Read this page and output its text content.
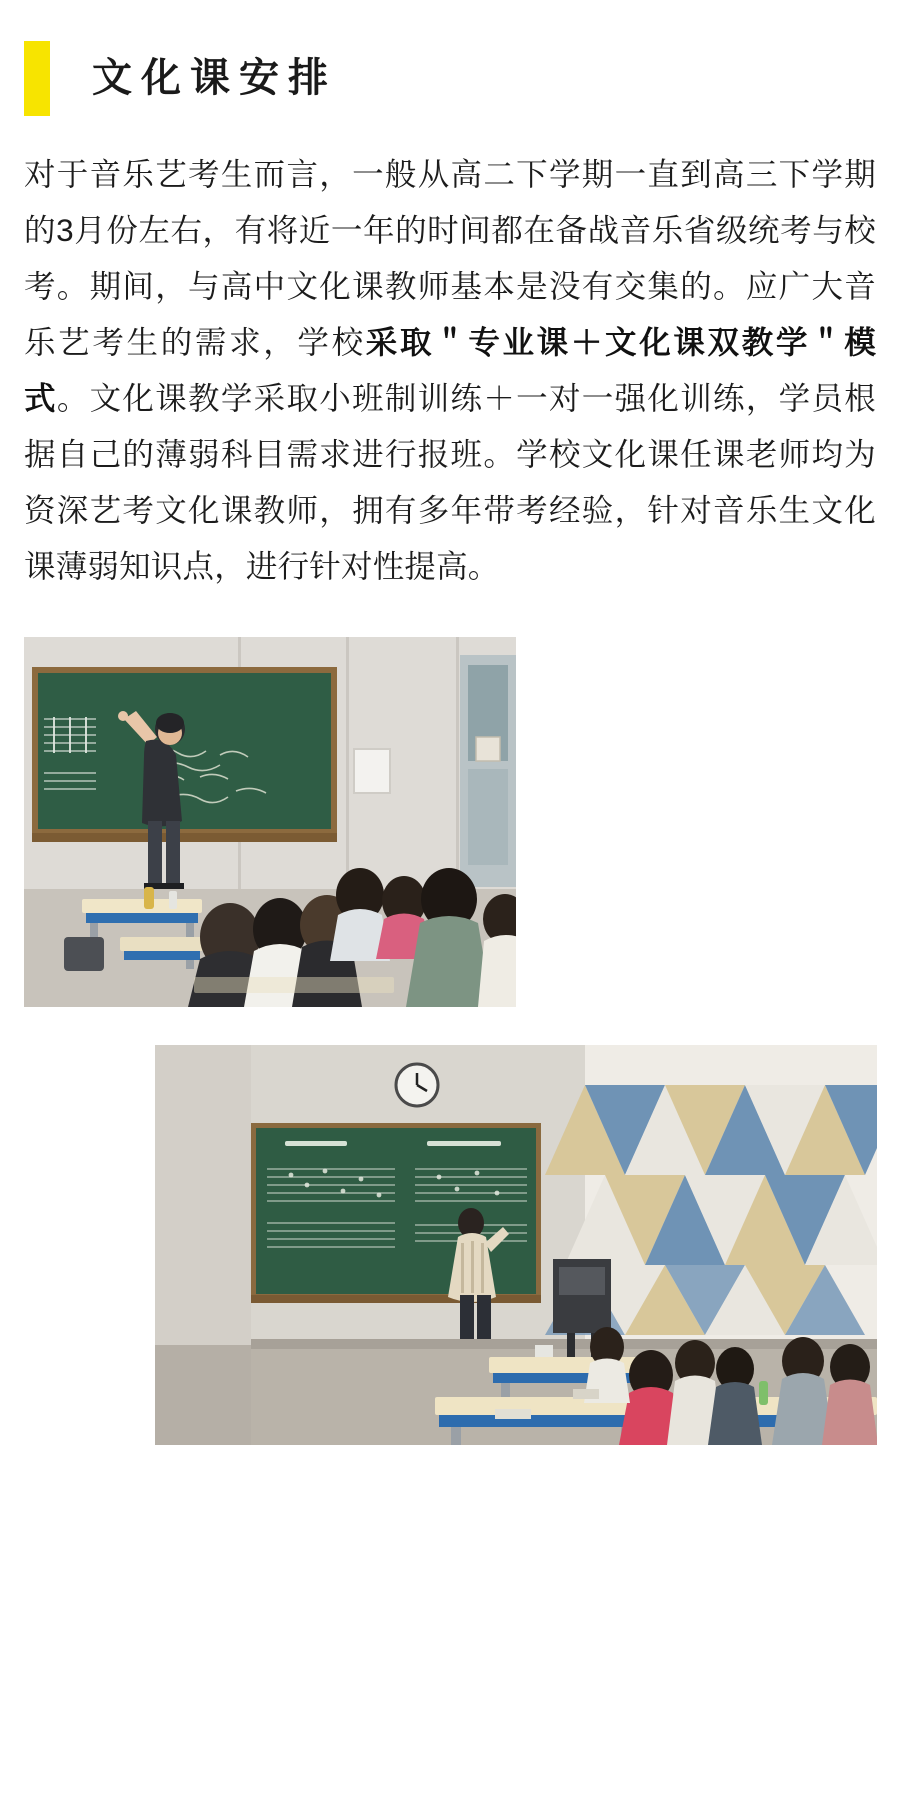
文化课安排
对于音乐艺考生而言，一般从高二下学期一直到高三下学期的3月份左右，有将近一年的时间都在备战音乐省级统考与校考。期间，与高中文化课教师基本是没有交集的。应广大音乐艺考生的需求，学校采取＂专业课＋文化课双教学＂模式。文化课教学采取小班制训练＋一对一强化训练，学员根据自己的薄弱科目需求进行报班。学校文化课任课老师均为资深艺考文化课教师，拥有多年带考经验，针对音乐生文化课薄弱知识点，进行针对性提高。
